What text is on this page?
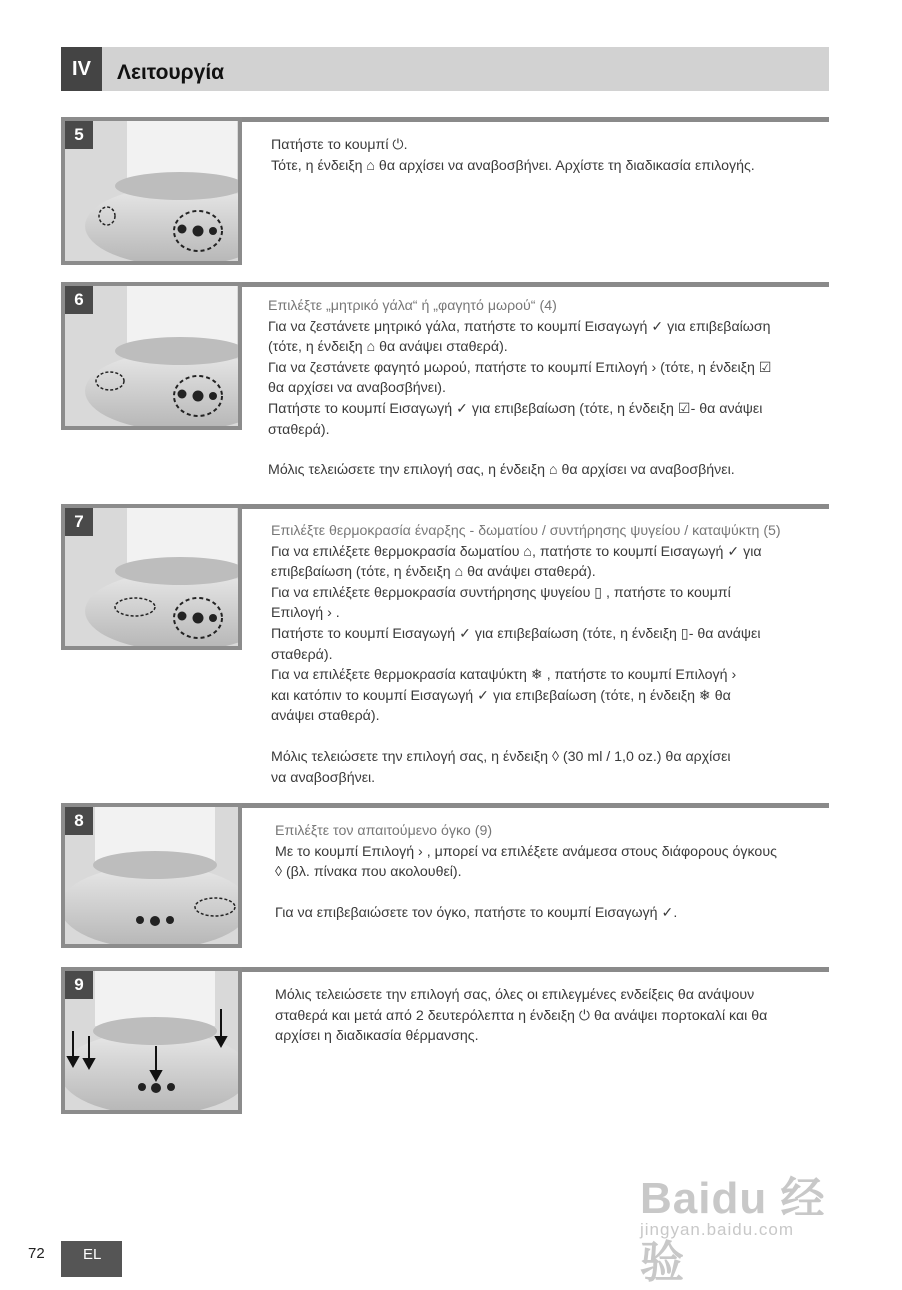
IV	Λειτουργία
5

Πατήστε το κουμπί ⏻.

Τότε, η ένδειξη ⌂ θα αρχίσει να αναβοσβήνει. Αρχίστε τη διαδικασία επιλογής.

6	Επιλέξτε „μητρικό γάλα“ ή „φαγητό μωρού“ (4)

Για να ζεστάνετε μητρικό γάλα, πατήστε το κουμπί Εισαγωγή ✓ για επιβεβαίωση

(τότε, η ένδειξη ⌂ θα ανάψει σταθερά).

Για να ζεστάνετε φαγητό μωρού, πατήστε το κουμπί Επιλογή › (τότε, η ένδειξη ☑

θα αρχίσει να αναβοσβήνει).

Πατήστε το κουμπί Εισαγωγή ✓ για επιβεβαίωση (τότε, η ένδειξη ☑- θα ανάψει

σταθερά).

Μόλις τελειώσετε την επιλογή σας, η ένδειξη ⌂ θα αρχίσει να αναβοσβήνει.

7	Επιλέξτε θερμοκρασία έναρξης - δωματίου / συντήρησης ψυγείου / καταψύκτη (5)

Για να επιλέξετε θερμοκρασία δωματίου ⌂, πατήστε το κουμπί Εισαγωγή ✓ για

επιβεβαίωση (τότε, η ένδειξη ⌂ θα ανάψει σταθερά).

Για να επιλέξετε θερμοκρασία συντήρησης ψυγείου ▯ , πατήστε το κουμπί

Επιλογή › .

Πατήστε το κουμπί Εισαγωγή ✓ για επιβεβαίωση (τότε, η ένδειξη ▯- θα ανάψει

σταθερά).

Για να επιλέξετε θερμοκρασία καταψύκτη ❄ , πατήστε το κουμπί Επιλογή ›

και κατόπιν το κουμπί Εισαγωγή ✓ για επιβεβαίωση (τότε, η ένδειξη ❄ θα

ανάψει σταθερά).

Μόλις τελειώσετε την επιλογή σας, η ένδειξη ◊ (30 ml / 1,0 oz.) θα αρχίσει

να αναβοσβήνει.

8

Επιλέξτε τον απαιτούμενο όγκο (9)

Με το κουμπί Επιλογή › , μπορεί να επιλέξετε ανάμεσα στους διάφορους όγκους

◊ (βλ. πίνακα που ακολουθεί).

Για να επιβεβαιώσετε τον όγκο, πατήστε το κουμπί Εισαγωγή ✓.

9

Μόλις τελειώσετε την επιλογή σας, όλες οι επιλεγμένες ενδείξεις θα ανάψουν

σταθερά και μετά από 2 δευτερόλεπτα η ένδειξη ⏻ θα ανάψει πορτοκαλί και θα

αρχίσει η διαδικασία θέρμανσης.

Baidu 经验
jingyan.baidu.com
72	EL
